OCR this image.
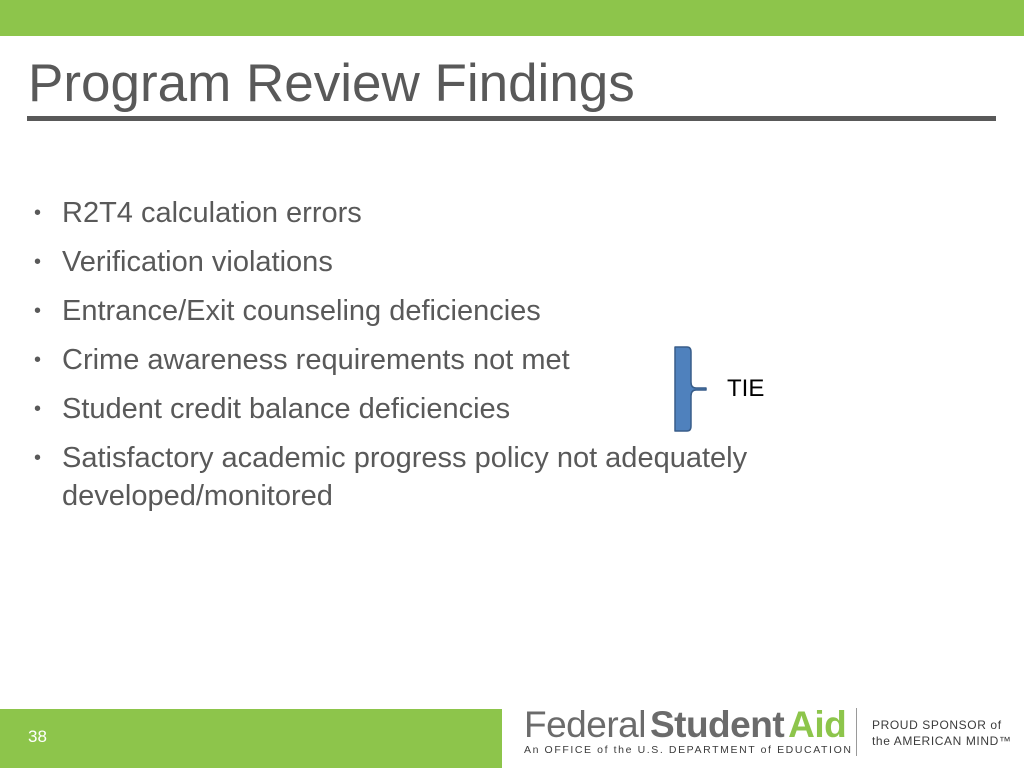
Program Review Findings
• R2T4 calculation errors
• Verification violations
• Entrance/Exit counseling deficiencies
• Crime awareness requirements not met
• Student credit balance deficiencies
• Satisfactory academic progress policy not adequately developed/monitored
TIE
38	Federal Student Aid
An OFFICE of the U.S. DEPARTMENT of EDUCATION
PROUD SPONSOR of
the AMERICAN MIND™
